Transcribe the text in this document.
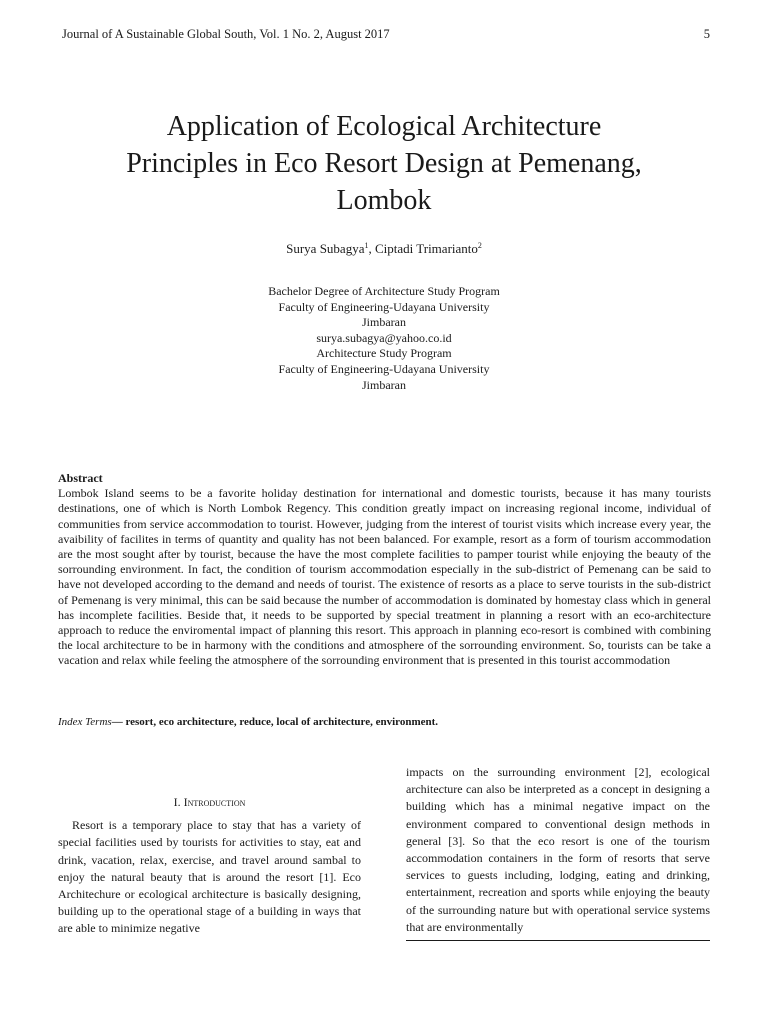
Journal of A Sustainable Global South, Vol. 1 No. 2, August 2017	5
Application of Ecological Architecture
Principles in Eco Resort Design at Pemenang,
Lombok
Surya Subagya$^1$, Ciptadi Trimarianto$^2$
Bachelor Degree of Architecture Study Program
Faculty of Engineering-Udayana University
Jimbaran
surya.subagya@yahoo.co.id
Architecture Study Program
Faculty of Engineering-Udayana University
Jimbaran
Abstract
Lombok Island seems to be a favorite holiday destination for international and domestic tourists, because it has many tourists destinations, one of which is North Lombok Regency. This condition greatly impact on increasing regional income, individual of communities from service accommodation to tourist. However, judging from the interest of tourist visits which increase every year, the avaibility of facilites in terms of quantity and quality has not been balanced. For example, resort as a form of tourism accommodation are the most sought after by tourist, because the have the most complete facilities to pamper tourist while enjoying the beauty of the sorrounding environment. In fact, the condition of tourism accommodation especially in the sub-district of Pemenang can be said to have not developed according to the demand and needs of tourist. The existence of resorts as a place to serve tourists in the sub-district of Pemenang is very minimal, this can be said because the number of accommodation is dominated by homestay class which in general has incomplete facilities. Beside that, it needs to be supported by special treatment in planning a resort with an eco-architecture approach to reduce the enviromental impact of planning this resort. This approach in planning eco-resort is combined with combining the local architecture to be in harmony with the conditions and atmosphere of the sorrounding environment. So, tourists can be take a vacation and relax while feeling the atmosphere of the sorrounding environment that is presented in this tourist accommodation
Index Terms— resort, eco architecture, reduce, local of architecture, environment.
I. Introduction
Resort is a temporary place to stay that has a variety of special facilities used by tourists for activities to stay, eat and drink, vacation, relax, exercise, and travel around sambal to enjoy the natural beauty that is around the resort [1]. Eco Architechure or ecological architecture is basically designing, building up to the operational stage of a building in ways that are able to minimize negative
impacts on the surrounding environment [2], ecological architecture can also be interpreted as a concept in designing a building which has a minimal negative impact on the environment compared to conventional design methods in general [3]. So that the eco resort is one of the tourism accommodation containers in the form of resorts that serve services to guests including, lodging, eating and drinking, entertainment, recreation and sports while enjoying the beauty of the surrounding nature but with operational service systems that are environmentally
